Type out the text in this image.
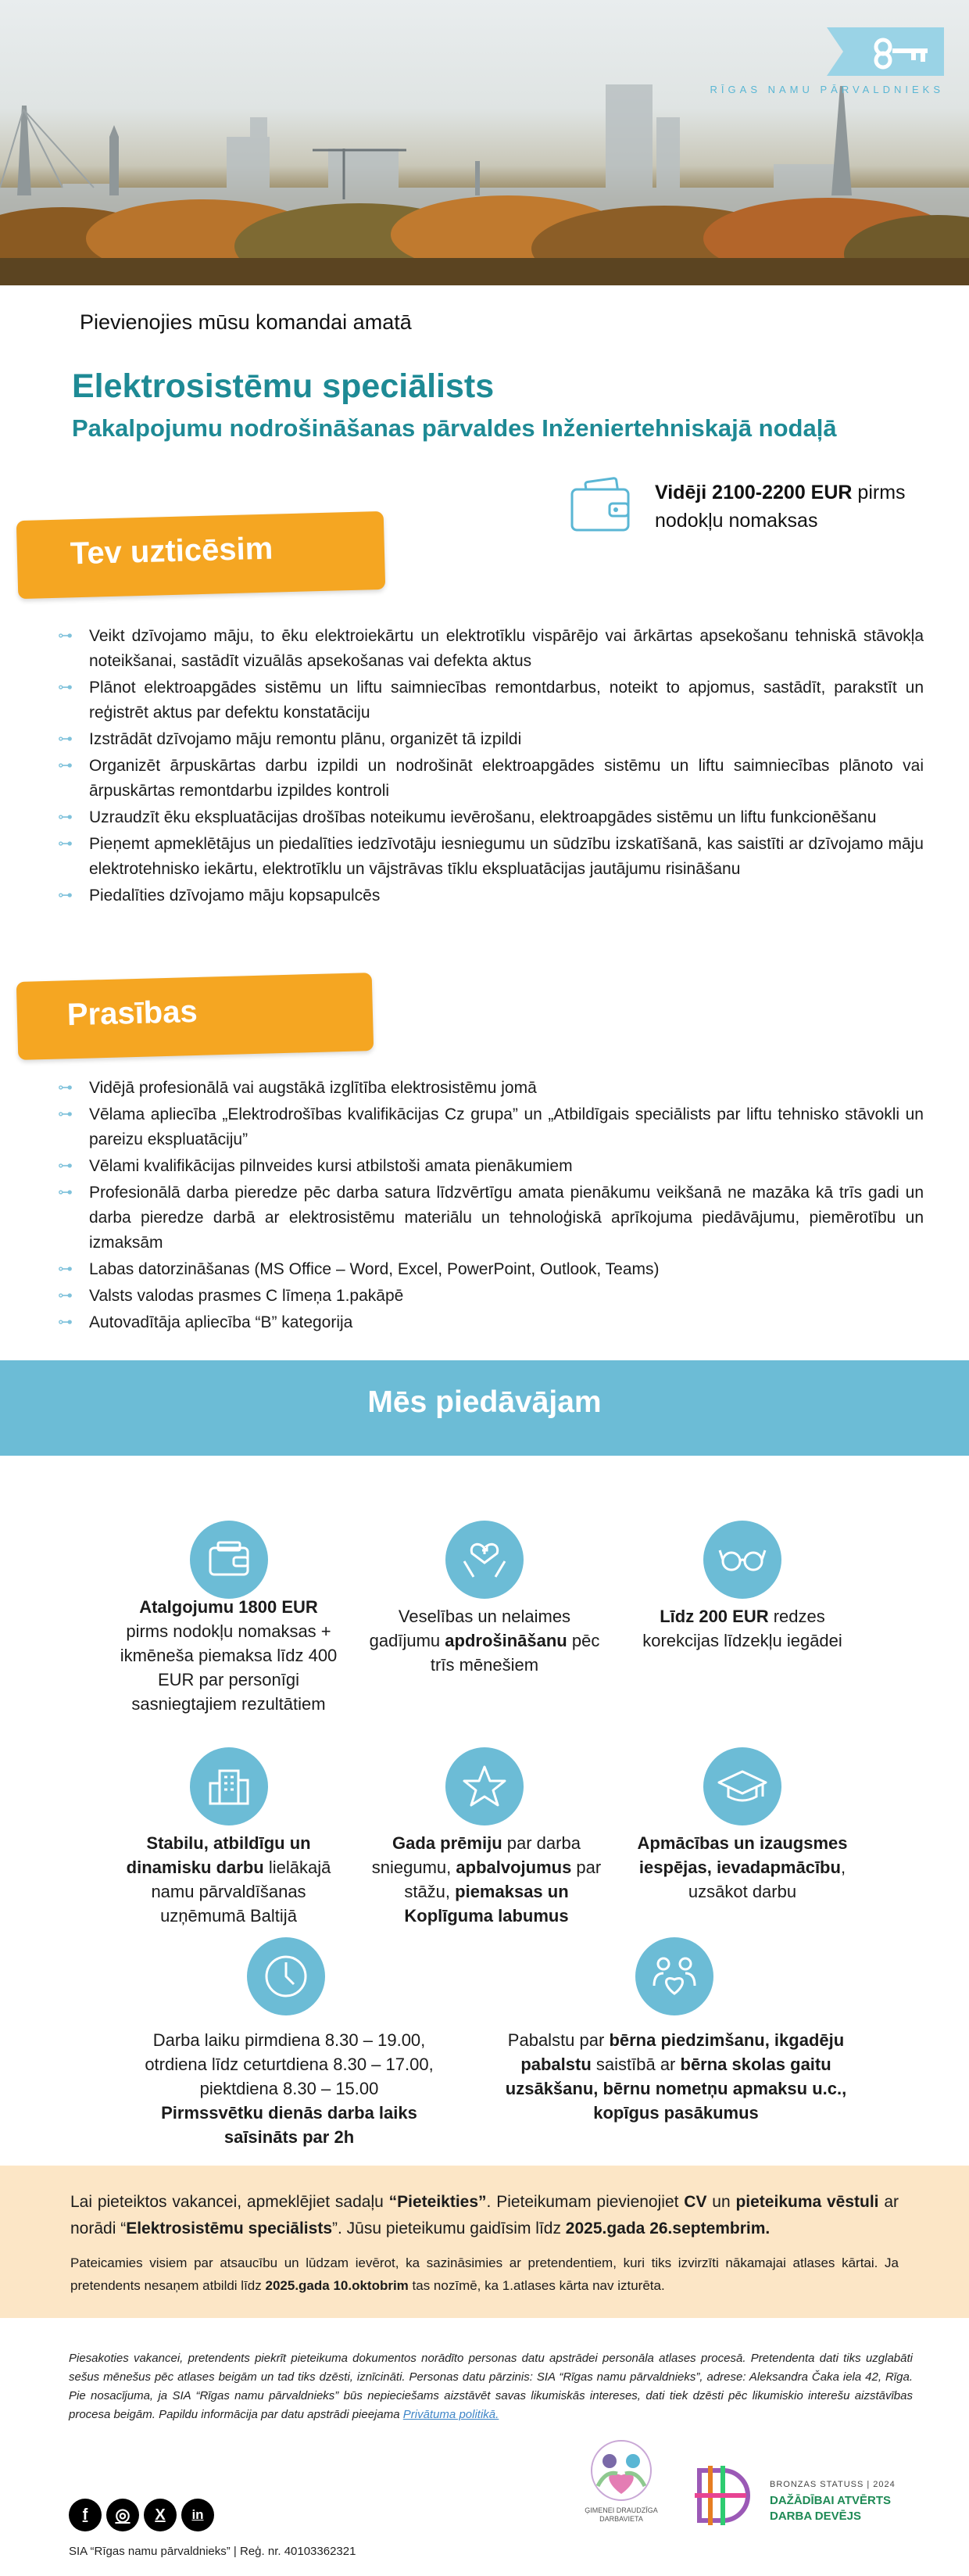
RĪGAS NAMU PĀRVALDNIEKS
Pievienojies mūsu komandai amatā
Elektrosistēmu speciālists
Pakalpojumu nodrošināšanas pārvaldes Inženiertehniskajā nodaļā
Vidēji 2100-2200 EUR pirms nodokļu nomaksas
Tev uzticēsim
⊶ Veikt dzīvojamo māju, to ēku elektroiekārtu un elektrotīklu vispārējo vai ārkārtas apsekošanu tehniskā stāvokļa noteikšanai, sastādīt vizuālās apsekošanas vai defekta aktus
⊶ Plānot elektroapgādes sistēmu un liftu saimniecības remontdarbus, noteikt to apjomus, sastādīt, parakstīt un reģistrēt aktus par defektu konstatāciju
⊶ Izstrādāt dzīvojamo māju remontu plānu, organizēt tā izpildi
⊶ Organizēt ārpuskārtas darbu izpildi un nodrošināt elektroapgādes sistēmu un liftu saimniecības plānoto vai ārpuskārtas remontdarbu izpildes kontroli
⊶ Uzraudzīt ēku ekspluatācijas drošības noteikumu ievērošanu, elektroapgādes sistēmu un liftu funkcionēšanu
⊶ Pieņemt apmeklētājus un piedalīties iedzīvotāju iesniegumu un sūdzību izskatīšanā, kas saistīti ar dzīvojamo māju elektrotehnisko iekārtu, elektrotīklu un vājstrāvas tīklu ekspluatācijas jautājumu risināšanu
⊶ Piedalīties dzīvojamo māju kopsapulcēs
Prasības
⊶ Vidējā profesionālā vai augstākā izglītība elektrosistēmu jomā
⊶ Vēlama apliecība „Elektrodrošības kvalifikācijas Cz grupa” un „Atbildīgais speciālists par liftu tehnisko stāvokli un pareizu ekspluatāciju”
⊶ Vēlami kvalifikācijas pilnveides kursi atbilstoši amata pienākumiem
⊶ Profesionālā darba pieredze pēc darba satura līdzvērtīgu amata pienākumu veikšanā ne mazāka kā trīs gadi un darba pieredze darbā ar elektrosistēmu materiālu un tehnoloģiskā aprīkojuma piedāvājumu, piemērotību un izmaksām
⊶ Labas datorzināšanas (MS Office – Word, Excel, PowerPoint, Outlook, Teams)
⊶ Valsts valodas prasmes C līmeņa 1.pakāpē
⊶ Autovadītāja apliecība “B” kategorija
Mēs piedāvājam
Atalgojumu 1800 EUR
pirms nodokļu nomaksas + ikmēneša piemaksa līdz 400 EUR par personīgi sasniegtajiem rezultātiem
Veselības un nelaimes gadījumu apdrošināšanu pēc trīs mēnešiem
Līdz 200 EUR redzes korekcijas līdzekļu iegādei
Stabilu, atbildīgu un dinamisku darbu lielākajā namu pārvaldīšanas uzņēmumā Baltijā
Gada prēmiju par darba sniegumu, apbalvojumus par stāžu, piemaksas un Koplīguma labumus
Apmācības un izaugsmes iespējas, ievadapmācību, uzsākot darbu
Darba laiku pirmdiena 8.30 – 19.00,
otrdiena līdz ceturtdiena 8.30 – 17.00,
piektdiena 8.30 – 15.00
Pirmssvētku dienās darba laiks saīsināts par 2h
Pabalstu par bērna piedzimšanu, ikgadēju pabalstu saistībā ar bērna skolas gaitu uzsākšanu, bērnu nometņu apmaksu u.c., kopīgus pasākumus

Lai pieteiktos vakancei, apmeklējiet sadaļu “Pieteikties”. Pieteikumam pievienojiet CV un pieteikuma vēstuli ar norādi “Elektrosistēmu speciālists”. Jūsu pieteikumu gaidīsim līdz 2025.gada 26.septembrim.

Pateicamies visiem par atsaucību un lūdzam ievērot, ka sazināsimies ar pretendentiem, kuri tiks izvirzīti nākamajai atlases kārtai. Ja pretendents nesaņem atbildi līdz 2025.gada 10.oktobrim tas nozīmē, ka 1.atlases kārta nav izturēta.

Piesakoties vakancei, pretendents piekrīt pieteikuma dokumentos norādīto personas datu apstrādei personāla atlases procesā. Pretendenta dati tiks uzglabāti sešus mēnešus pēc atlases beigām un tad tiks dzēsti, iznīcināti. Personas datu pārzinis: SIA “Rīgas namu pārvaldnieks”, adrese: Aleksandra Čaka iela 42, Rīga. Pie nosacījuma, ja SIA “Rīgas namu pārvaldnieks” būs nepieciešams aizstāvēt savas likumiskās intereses, dati tiek dzēsti pēc likumiskio interešu aizstāvības procesa beigām. Papildu informācija par datu apstrādi pieejama Privātuma politikā.
ĢIMENEI DRAUDZĪGA DARBAVIETA
BRONZAS STATUSS | 2024
DAŽĀDĪBAI ATVĒRTS
DARBA DEVĒJS
f	◎	X	in
SIA “Rīgas namu pārvaldnieks” | Reģ. nr. 40103362321
